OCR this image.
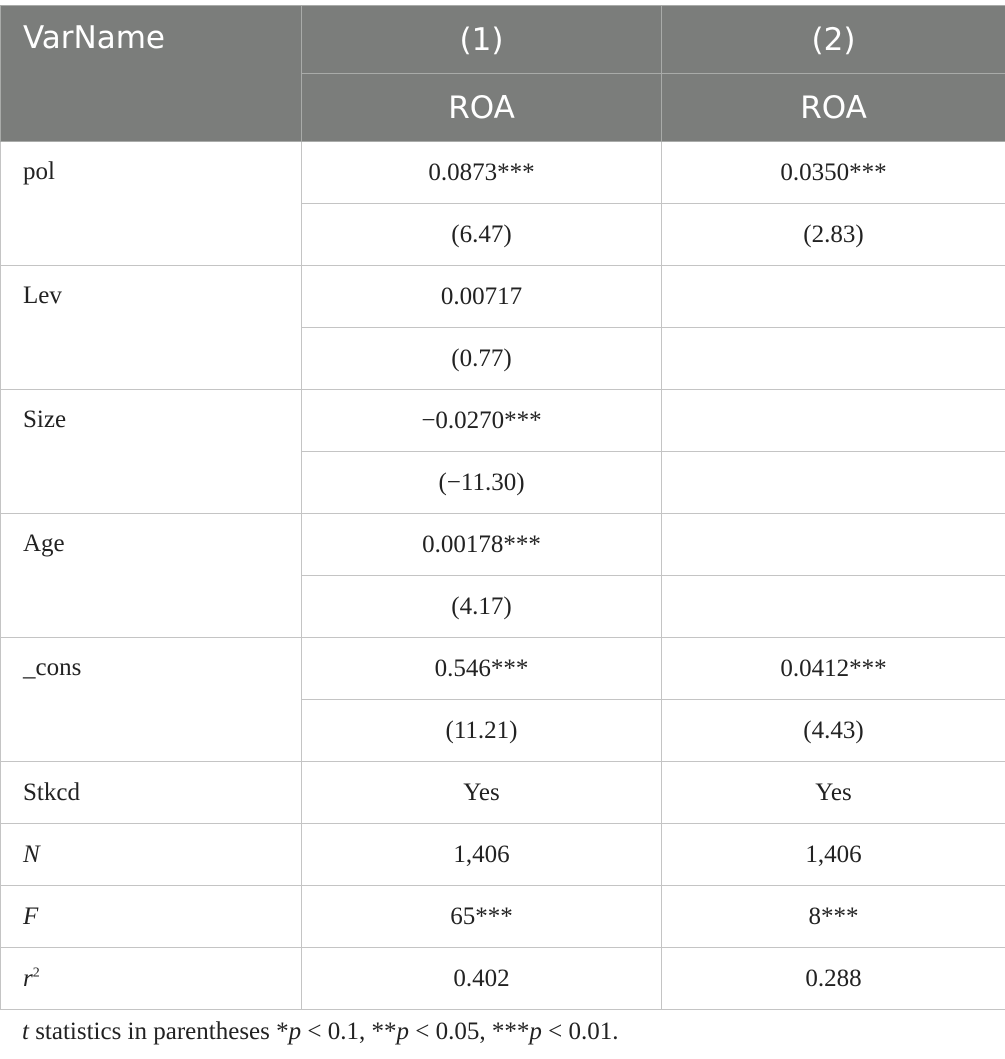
VarName	(1)	(2)
	ROA	ROA
pol	0.0873***	0.0350***
	(6.47)	(2.83)
Lev	0.00717	
	(0.77)	
Size	−0.0270***	
	(−11.30)	
Age	0.00178***	
	(4.17)	
_cons	0.546***	0.0412***
	(11.21)	(4.43)
Stkcd	Yes	Yes
N	1,406	1,406
F	65***	8***
$r^2$	0.402	0.288
t statistics in parentheses *p < 0.1, **p < 0.05, ***p < 0.01.
